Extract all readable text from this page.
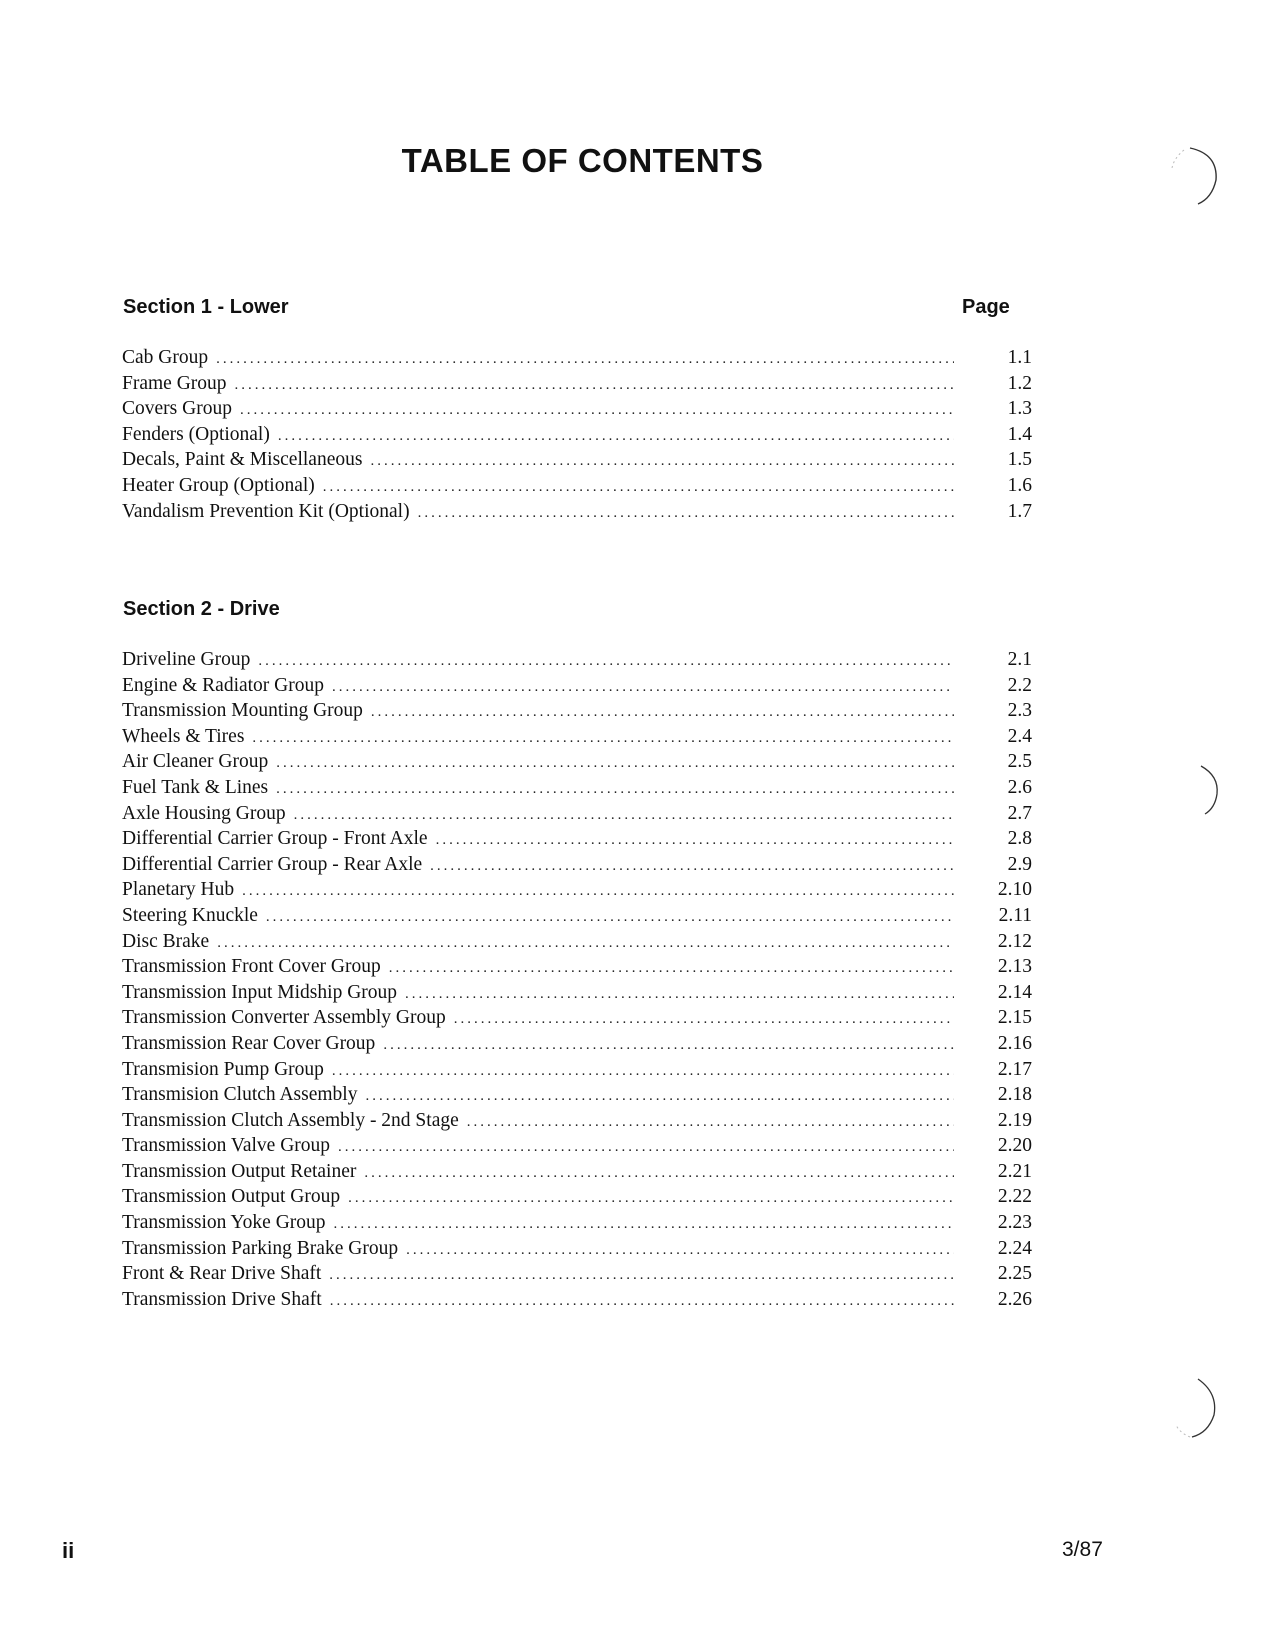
TABLE OF CONTENTS
Section 1 - Lower	Page
Cab Group .....	1.1
Frame Group .....	1.2
Covers Group .....	1.3
Fenders (Optional) .....	1.4
Decals, Paint & Miscellaneous .....	1.5
Heater Group (Optional) .....	1.6
Vandalism Prevention Kit (Optional) .....	1.7
Section 2 - Drive
Driveline Group .....	2.1
Engine & Radiator Group .....	2.2
Transmission Mounting Group .....	2.3
Wheels & Tires .....	2.4
Air Cleaner Group .....	2.5
Fuel Tank & Lines .....	2.6
Axle Housing Group .....	2.7
Differential Carrier Group - Front Axle .....	2.8
Differential Carrier Group - Rear Axle .....	2.9
Planetary Hub .....	2.10
Steering Knuckle .....	2.11
Disc Brake .....	2.12
Transmission Front Cover Group .....	2.13
Transmission Input Midship Group .....	2.14
Transmission Converter Assembly Group .....	2.15
Transmission Rear Cover Group .....	2.16
Transmision Pump Group .....	2.17
Transmision Clutch Assembly .....	2.18
Transmission Clutch Assembly - 2nd Stage .....	2.19
Transmission Valve Group .....	2.20
Transmission Output Retainer .....	2.21
Transmission Output Group .....	2.22
Transmission Yoke Group .....	2.23
Transmission Parking Brake Group .....	2.24
Front & Rear Drive Shaft .....	2.25
Transmission Drive Shaft .....	2.26
ii	3/87
